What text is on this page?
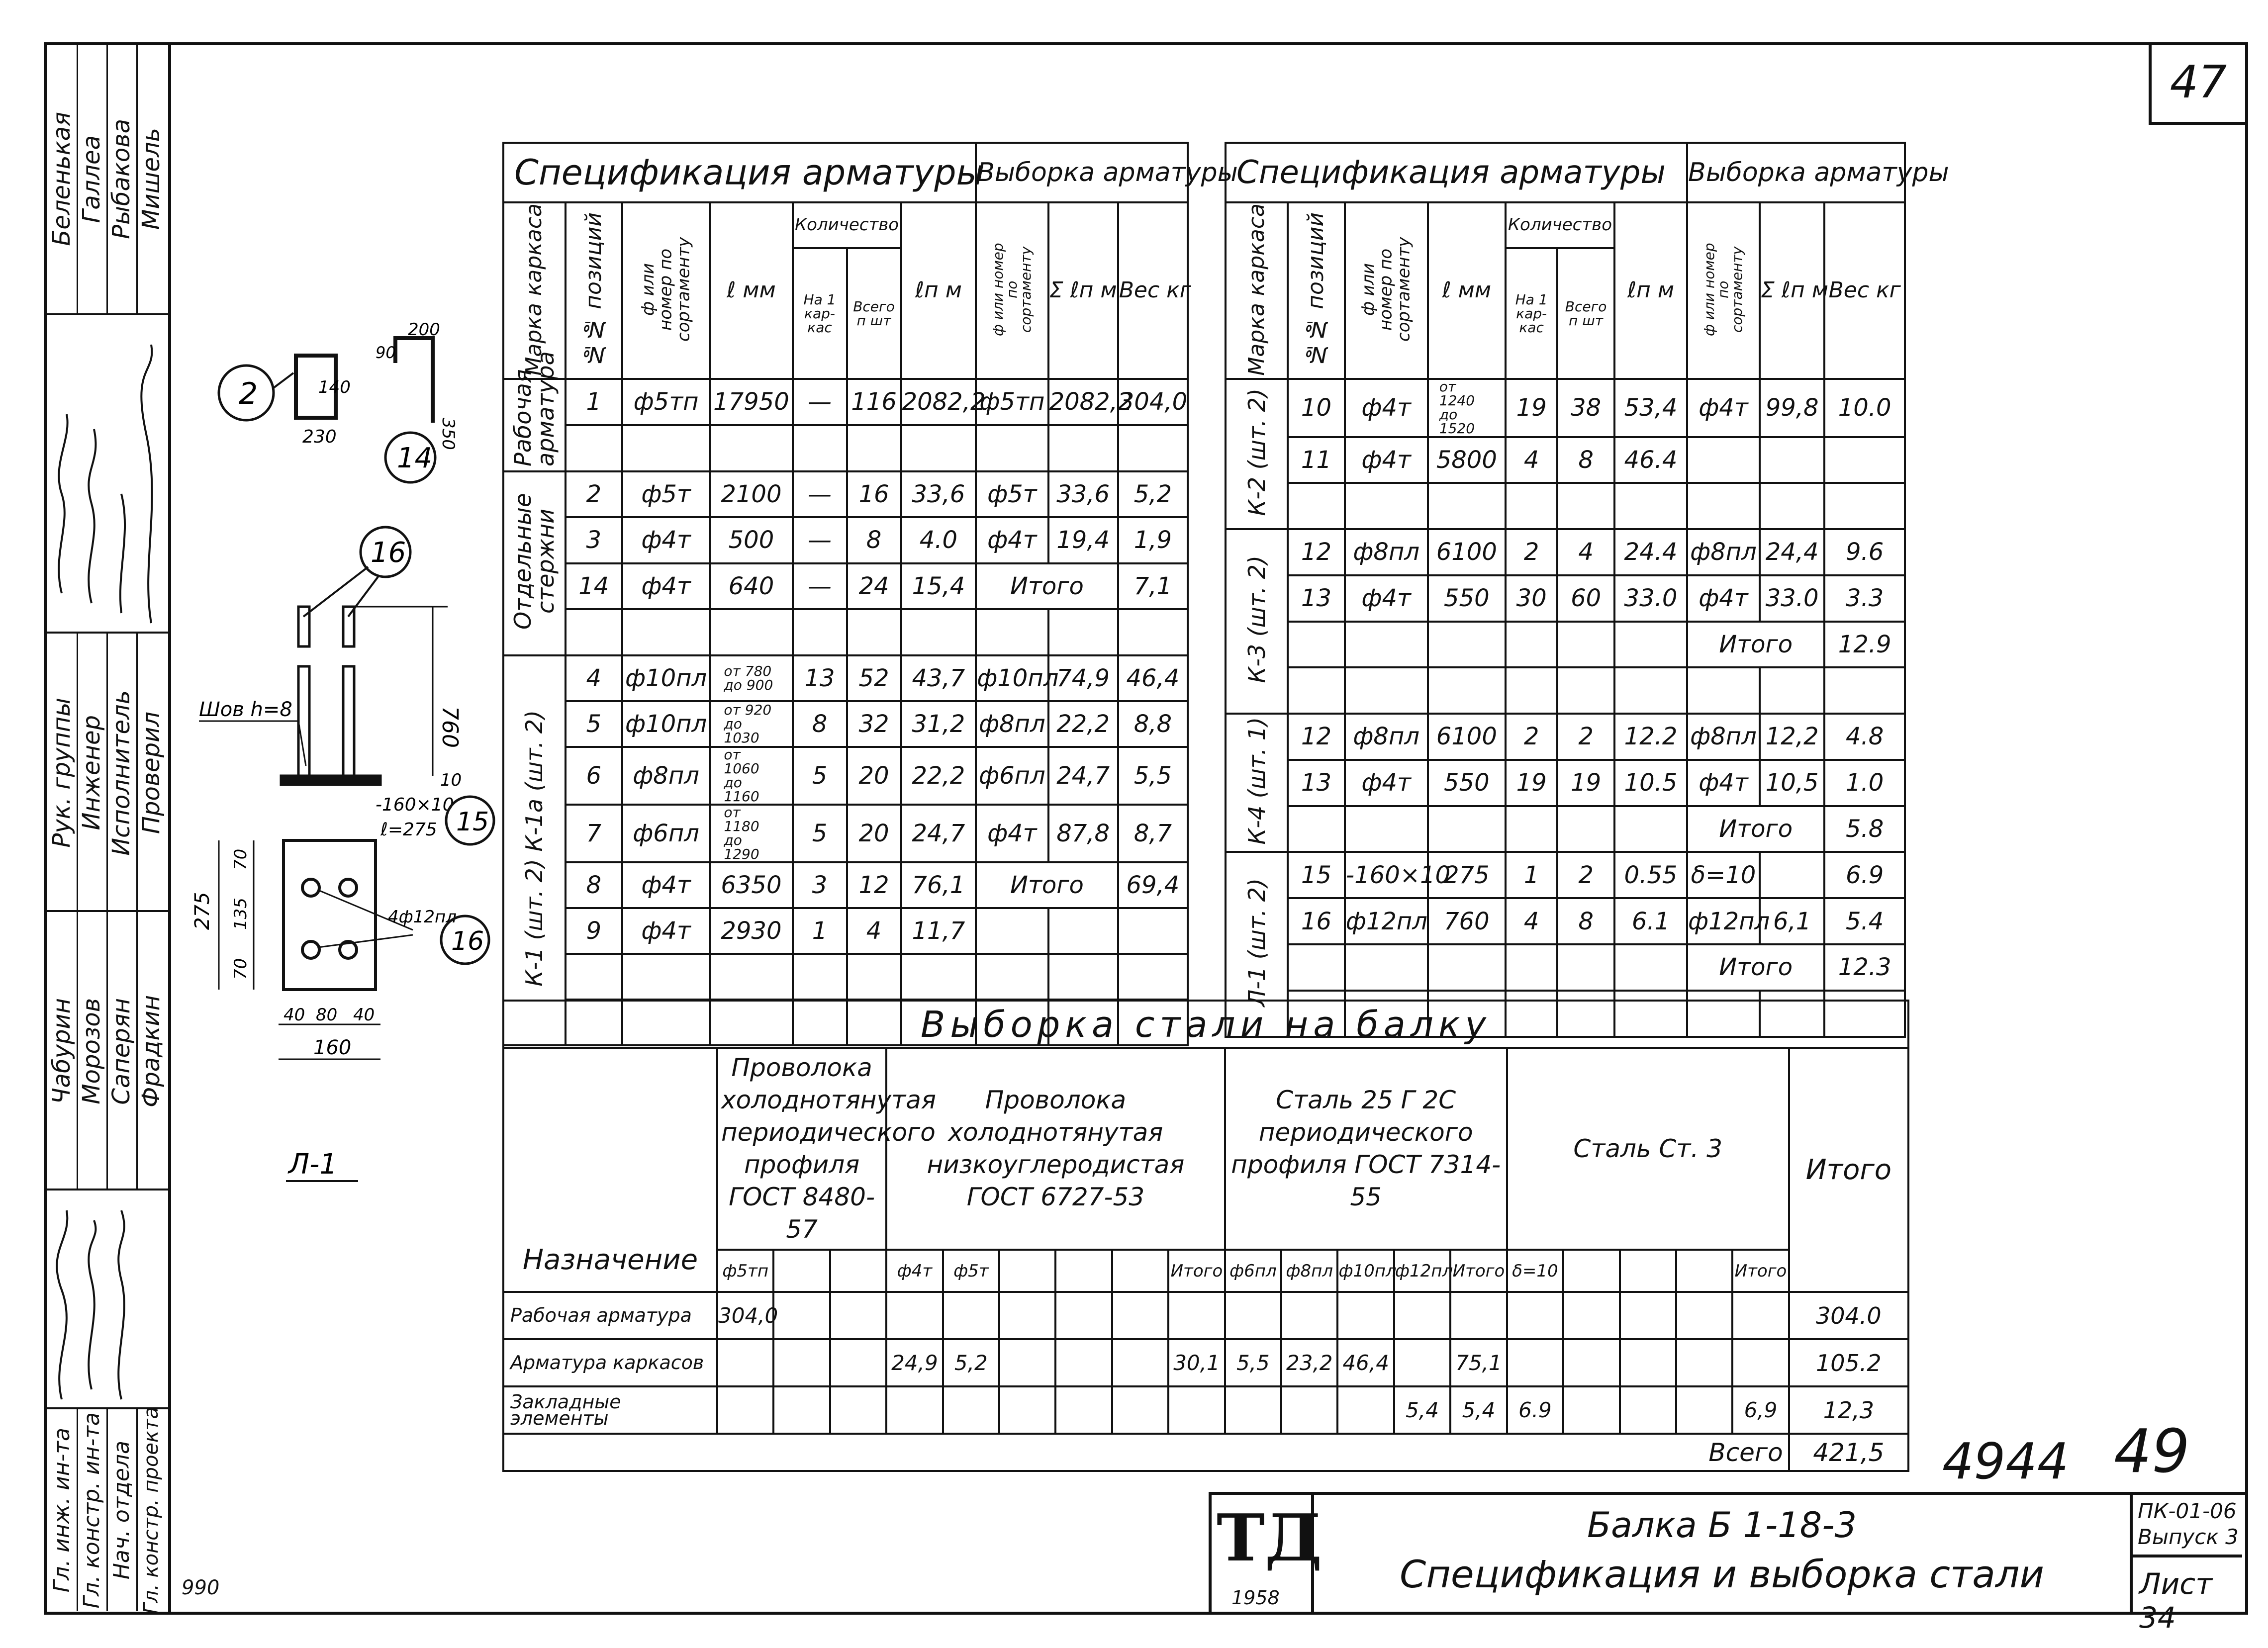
47
Беленькая Галлеа Рыбакова Мишель
Рук. группы Инженер Исполнитель Проверил
Чабурин Морозов Саперян Фрадкин
Гл. инж. ин-та Гл. констр. ин-та Нач. отдела Гл. констр. проекта 990
2	140
230
200
90
350
14
16
760
10
Шов h=8
-160×10
ℓ=275 15
4ф12пл
16
275
70
135
70
40 80 40
160
Л-1
Спецификация арматуры							Выборка арматуры		
Марка каркаса	№№ позиций	ф или номер по сортаменту	ℓ мм	Количество		ℓп м	ф или номер по сортаменту	Σ ℓп м	Вес кг
				На 1 кар-кас	Всего п шт				
Рабочая арматура	1	ф5тп	17950	—	116	2082,2	ф5тп	2082,2	304,0

Отдельные стержни	2	ф5т	2100	—	16	33,6	ф5т	33,6	5,2
	3	ф4т	500	—	8	4.0	ф4т	19,4	1,9
	14	ф4т	640	—	24	15,4	Итого		7,1

К-1 (шт. 2) К-1а (шт. 2)	4	ф10пл	от 780 до 900	13	52	43,7	ф10пл	74,9	46,4
	5	ф10пл	от 920 до 1030	8	32	31,2	ф8пл	22,2	8,8
	6	ф8пл	от 1060 до 1160	5	20	22,2	ф6пл	24,7	5,5
	7	ф6пл	от 1180 до 1290	5	20	24,7	ф4т	87,8	8,7
	8	ф4т	6350	3	12	76,1	Итого		69,4
	9	ф4т	2930	1	4	11,7			

Спецификация арматуры							Выборка арматуры		
Марка каркаса	№№ позиций	ф или номер по сортаменту	ℓ мм	Количество		ℓп м	ф или номер по сортаменту	Σ ℓп м	Вес кг
				На 1 кар-кас	Всего п шт				
К-2 (шт. 2)	10	ф4т	от 1240 до 1520	19	38	53,4	ф4т	99,8	10.0
	11	ф4т	5800	4	8	46.4			

К-3 (шт. 2)	12	ф8пл	6100	2	4	24.4	ф8пл	24,4	9.6
	13	ф4т	550	30	60	33.0	ф4т	33.0	3.3
							Итого		12.9

К-4 (шт. 1)	12	ф8пл	6100	2	2	12.2	ф8пл	12,2	4.8
	13	ф4т	550	19	19	10.5	ф4т	10,5	1.0
							Итого		5.8
Л-1 (шт. 2)	15	-160×10	275	1	2	0.55	δ=10		6.9
	16	ф12пл	760	4	8	6.1	ф12пл	6,1	5.4
							Итого		12.3

Выборка стали на балку																				
Назначение	Проволока холоднотянутая периодического профиля ГОСТ 8480-57			Проволока холоднотянутая низкоуглеродистая ГОСТ 6727-53						Сталь 25 Г 2С периодического профиля ГОСТ 7314-55					Сталь Ст. 3					Итого
	ф5тп			ф4т	ф5т				Итого	ф6пл	ф8пл	ф10пл	ф12пл	Итого	δ=10				Итого	
Рабочая арматура	304,0																			304.0
Арматура каркасов				24,9	5,2				30,1	5,5	23,2	46,4		75,1						105.2
Закладные элементы													5,4	5,4	6.9				6,9	12,3
																	Всего			421,5 4944 49
ТД
1958
Балка Б 1-18-3
Спецификация и выборка стали
ПК-01-06
Выпуск 3
Лист 34
